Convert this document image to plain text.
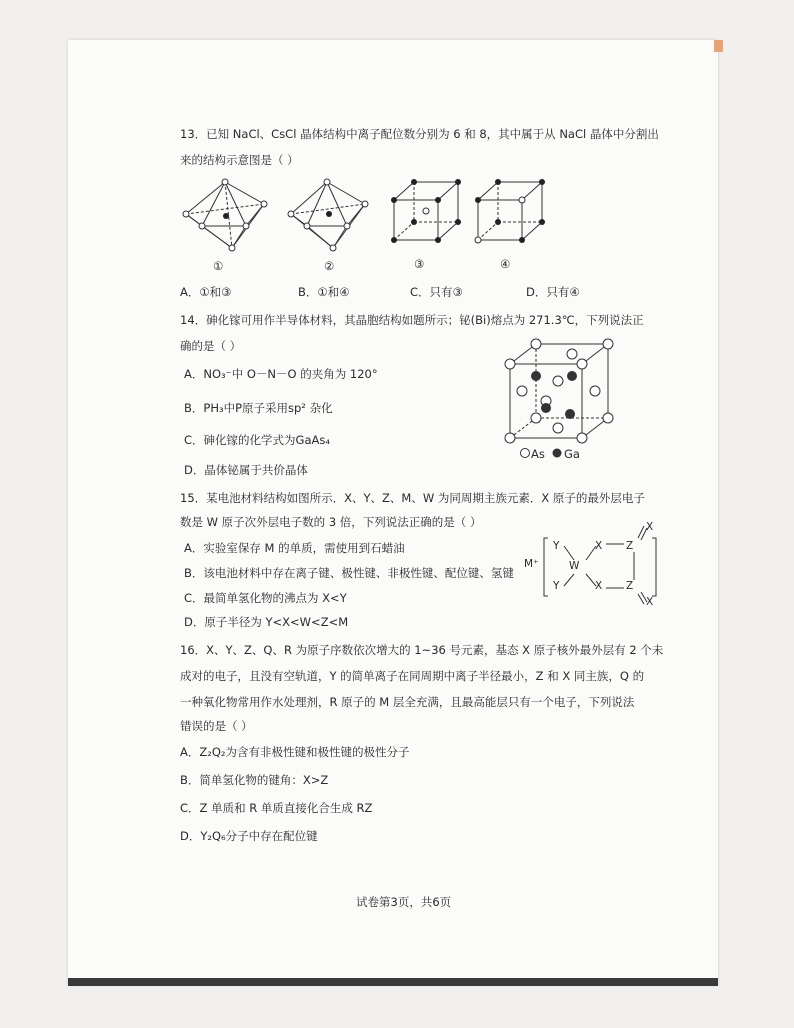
13．已知 NaCl、CsCl 晶体结构中离子配位数分别为 6 和 8，其中属于从 NaCl 晶体中分割出
来的结构示意图是（ ）
①	②	③	④
A．①和③	B．①和④	C．只有③	D．只有④
14．砷化镓可用作半导体材料，其晶胞结构如题所示；铋(Bi)熔点为 271.3℃，下列说法正
确的是（ ）
A．NO₃⁻中 O－N－O 的夹角为 120°
B．PH₃中P原子采用sp² 杂化
C．砷化镓的化学式为GaAs₄
D．晶体铋属于共价晶体
As Ga
15．某电池材料结构如图所示．X、Y、Z、M、W 为同周期主族元素．X 原子的最外层电子
数是 W 原子次外层电子数的 3 倍，下列说法正确的是（ ）
A．实验室保存 M 的单质，需使用到石蜡油
B．该电池材料中存在离子键、极性键、非极性键、配位键、氢键
C．最简单氢化物的沸点为 X<Y
D．原子半径为 Y<X<W<Z<M
M⁺
Y
Y
W
X
X
Z
Z
X
X
16．X、Y、Z、Q、R 为原子序数依次增大的 1~36 号元素，基态 X 原子核外最外层有 2 个未
成对的电子，且没有空轨道，Y 的简单离子在同周期中离子半径最小，Z 和 X 同主族，Q 的
一种氧化物常用作水处理剂，R 原子的 M 层全充满，且最高能层只有一个电子，下列说法
错误的是（ ）
A．Z₂Q₂为含有非极性键和极性键的极性分子
B．简单氢化物的键角：X>Z
C．Z 单质和 R 单质直接化合生成 RZ
D．Y₂Q₆分子中存在配位键
试卷第3页，共6页
